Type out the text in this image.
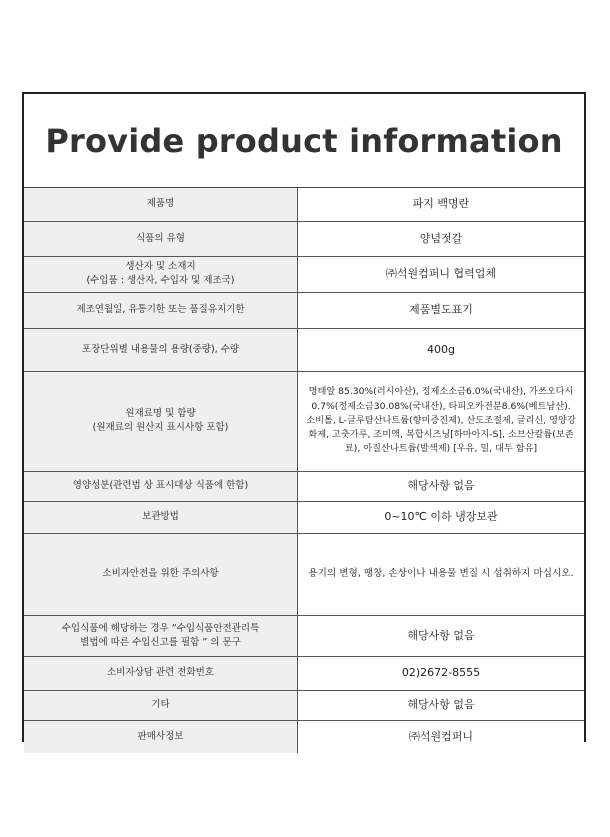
Provide product information
제품명	파지 백명란
식품의 유형	양념젓갈
생산자 및 소재지
(수입품 : 생산자, 수입자 및 제조국)	㈜석원컴퍼니 협력업체
제조연월일, 유통기한 또는 품질유지기한	제품별도표기
포장단위별 내용물의 용량(중량), 수량	400g
원재료명 및 함량
(원재료의 원산지 표시사항 포함)	명태알 85.30%(러시아산), 정제소소금6.0%(국내산), 가쓰오다시 0.7%(정제소금30.08%(국내산), 타피오카전분8.6%(베트남산). 소비톨, L-글루탐산나트륨(향미증진제), 산도조절제, 글리신, 영양강화제, 고춧가루, 조미액, 복합시즈닝[하마아지-S], 소브산칼륨(보존료), 아질산나트륨(발색제) [우유, 밀, 대두 함유]
영양성분(관련법 상 표시대상 식품에 한함)	해당사항 없음
보관방법	0~10℃ 이하 냉장보관
소비자안전을 위한 주의사항	용기의 변형, 팽창, 손상이나 내용물 변질 시 섭취하지 마십시오.
수입식품에 해당하는 경우 “수입식품안전관리특
별법에 따른 수입신고를 필함 ” 의 문구	해당사항 없음
소비자상담 관련 전화번호	02)2672-8555
기타	해당사항 없음
판매사정보	㈜석원컴퍼니
